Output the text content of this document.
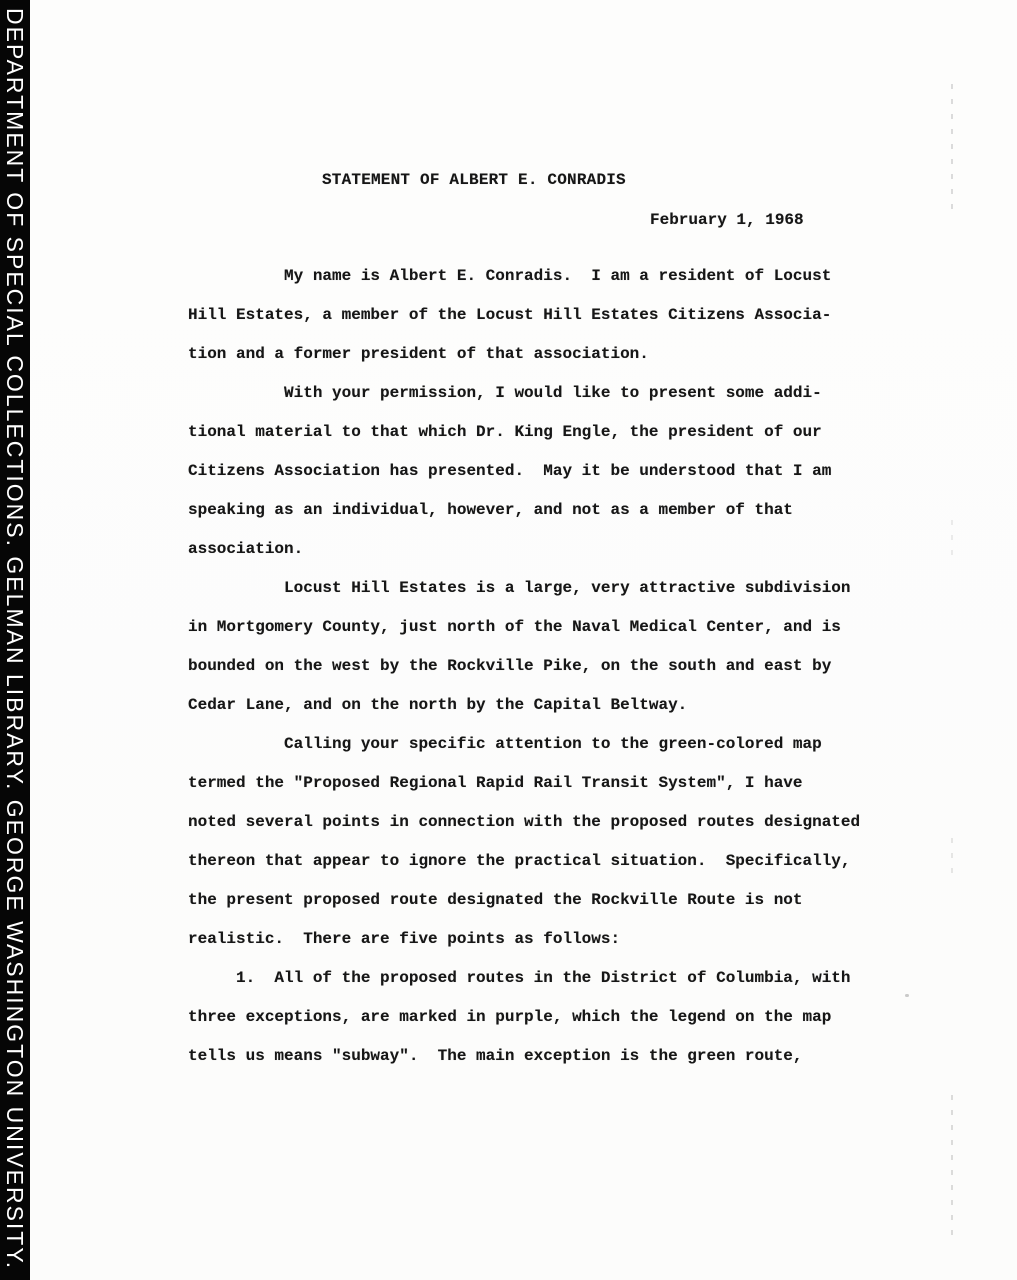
DEPARTMENT OF SPECIAL COLLECTIONS. GELMAN LIBRARY. GEORGE WASHINGTON UNIVERSITY.	STATEMENT OF ALBERT E. CONRADIS
February 1, 1968
My name is Albert E. Conradis.  I am a resident of Locust
Hill Estates, a member of the Locust Hill Estates Citizens Associa-
tion and a former president of that association.
With your permission, I would like to present some addi-
tional material to that which Dr. King Engle, the president of our
Citizens Association has presented.  May it be understood that I am
speaking as an individual, however, and not as a member of that
association.
Locust Hill Estates is a large, very attractive subdivision
in Mortgomery County, just north of the Naval Medical Center, and is
bounded on the west by the Rockville Pike, on the south and east by
Cedar Lane, and on the north by the Capital Beltway.
Calling your specific attention to the green-colored map
termed the "Proposed Regional Rapid Rail Transit System", I have
noted several points in connection with the proposed routes designated
thereon that appear to ignore the practical situation.  Specifically,
the present proposed route designated the Rockville Route is not
realistic.  There are five points as follows:
1.  All of the proposed routes in the District of Columbia, with
three exceptions, are marked in purple, which the legend on the map
tells us means "subway".  The main exception is the green route,
